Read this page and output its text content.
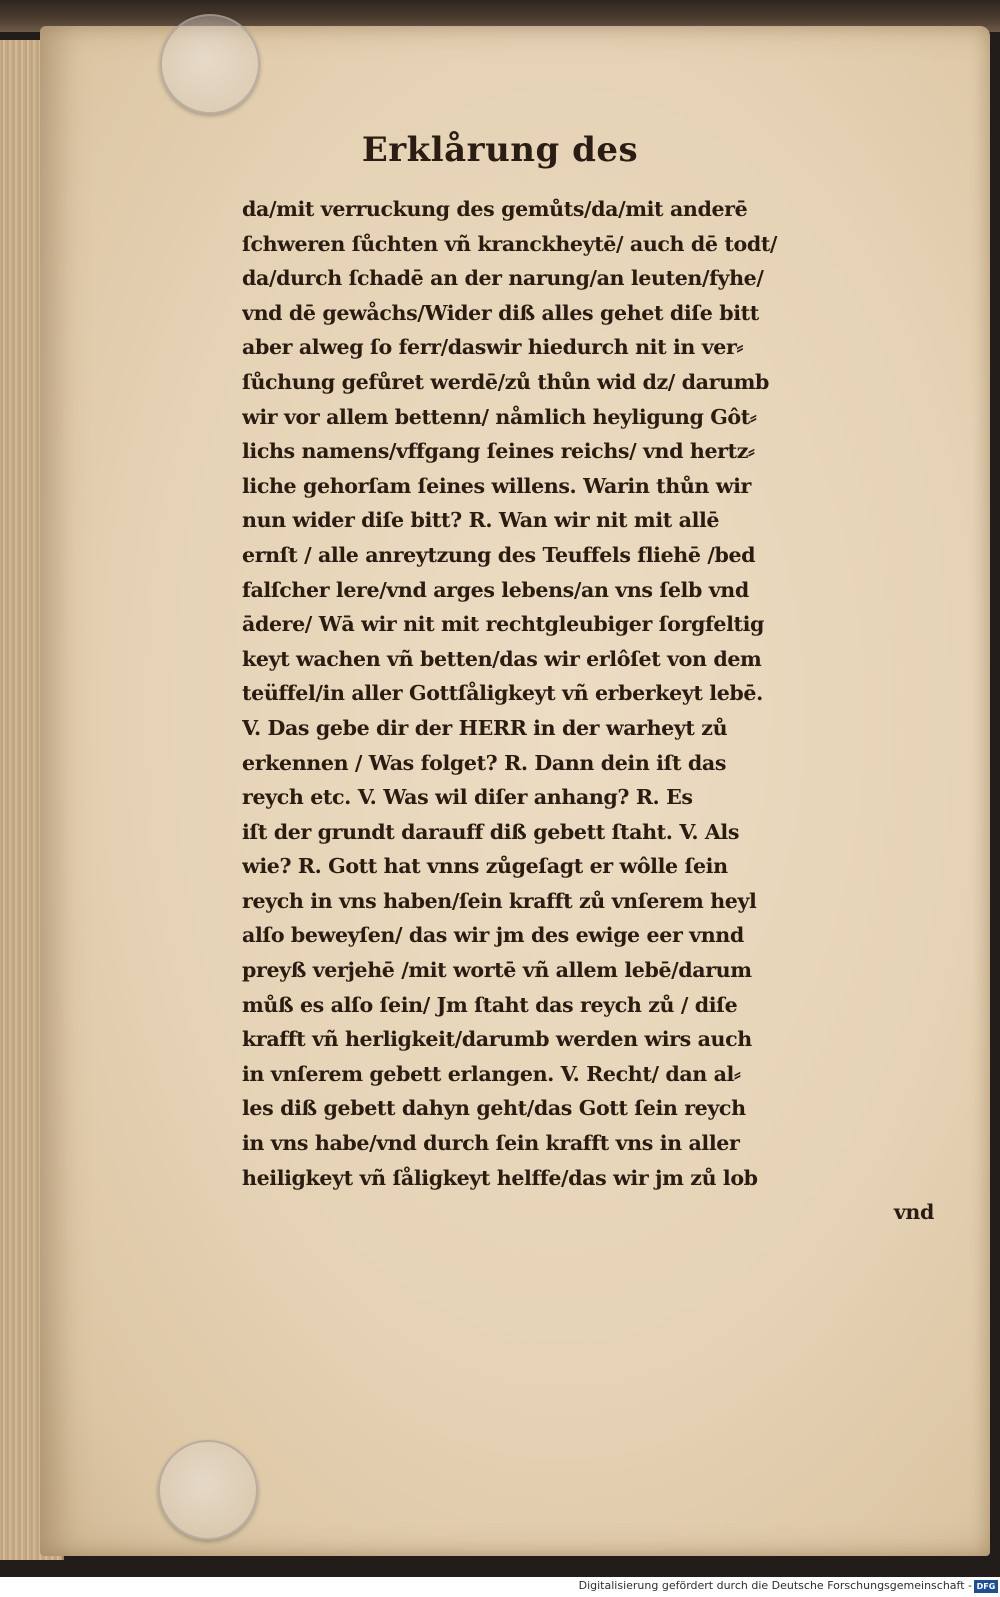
Erklårung des
da/mit verruckung des gemůts/da/mit anderē
ſchweren ſůchten vñ kranckheytē/ auch dē todt/
da/durch ſchadē an der narung/an leuten/fyhe/
vnd dē gewåchs/Wider diß alles gehet diſe bitt
aber alweg ſo ferr/daswir hiedurch nit in ver⸗
ſůchung gefůret werdē/zů thůn wid dz/ darumb
wir vor allem bettenn/ nåmlich heyligung Gôt⸗
lichs namens/vffgang ſeines reichs/ vnd hertz⸗
liche gehorſam ſeines willens. Warin thůn wir
nun wider diſe bitt? R. Wan wir nit mit allē
ernſt / alle anreytzung des Teuffels fliehē /bed
falſcher lere/vnd arges lebens/an vns ſelb vnd
ādere/ Wā wir nit mit rechtgleubiger ſorgfeltig
keyt wachen vñ betten/das wir erlôſet von dem
teüffel/in aller Gottſåligkeyt vñ erberkeyt lebē.
V. Das gebe dir der HERR in der warheyt zů
erkennen / Was folget? R. Dann dein iſt das
reych etc. V. Was wil diſer anhang? R. Es
iſt der grundt darauff diß gebett ſtaht. V. Als
wie? R. Gott hat vnns zůgeſagt er wôlle ſein
reych in vns haben/ſein krafft zů vnſerem heyl
alſo beweyſen/ das wir jm des ewige eer vnnd
preyß verjehē /mit wortē vñ allem lebē/darum
můß es alſo ſein/ Jm ſtaht das reych zů / diſe
krafft vñ herligkeit/darumb werden wirs auch
in vnſerem gebett erlangen. V. Recht/ dan al⸗
les diß gebett dahyn geht/das Gott ſein reych
in vns habe/vnd durch ſein krafft vns in aller
heiligkeyt vñ ſåligkeyt helffe/das wir jm zů lob
vnd
Digitalisierung gefördert durch die Deutsche Forschungsgemeinschaft - DFG
